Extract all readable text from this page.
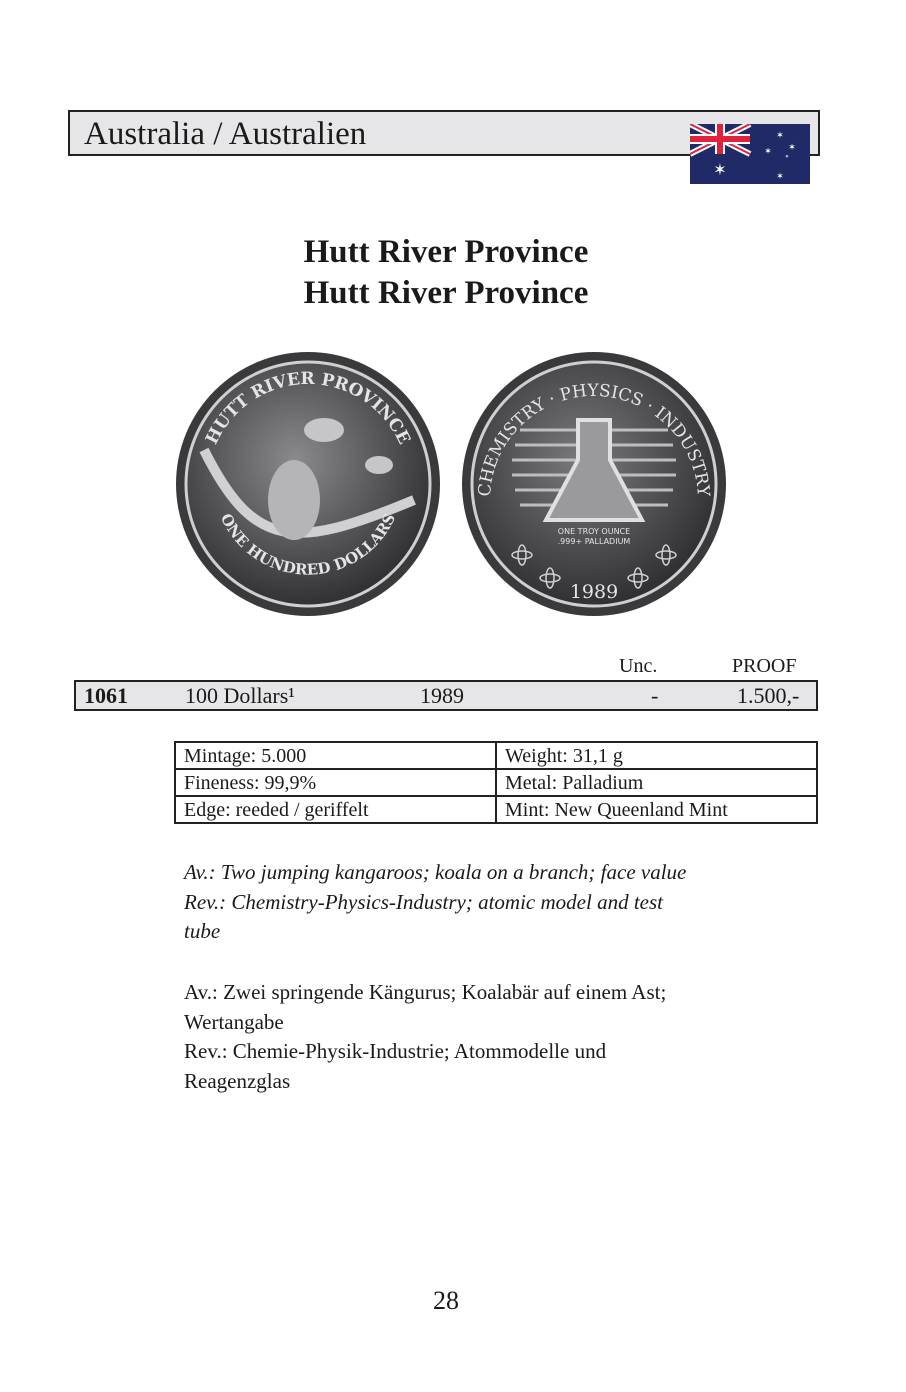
Australia / Australien
✶
✶
✶ ✶
✶
✶
Hutt River Province
Hutt River Province
HUTT RIVER PROVINCE
ONE HUNDRED DOLLARS
ONE TROY OUNCE
.999+ PALLADIUM
1989
CHEMISTRY · PHYSICS · INDUSTRY
Unc.	PROOF
1061	100 Dollars¹	1989	-	1.500,-
Mintage: 5.000	Weight: 31,1 g
Fineness: 99,9%	Metal: Palladium
Edge: reeded / geriffelt	Mint: New Queenland Mint
Av.: Two jumping kangaroos; koala on a branch; face value
Rev.: Chemistry-Physics-Industry; atomic model and test
tube
Av.: Zwei springende Kängurus; Koalabär auf einem Ast;
Wertangabe
Rev.: Chemie-Physik-Industrie; Atommodelle und
Reagenzglas
28
